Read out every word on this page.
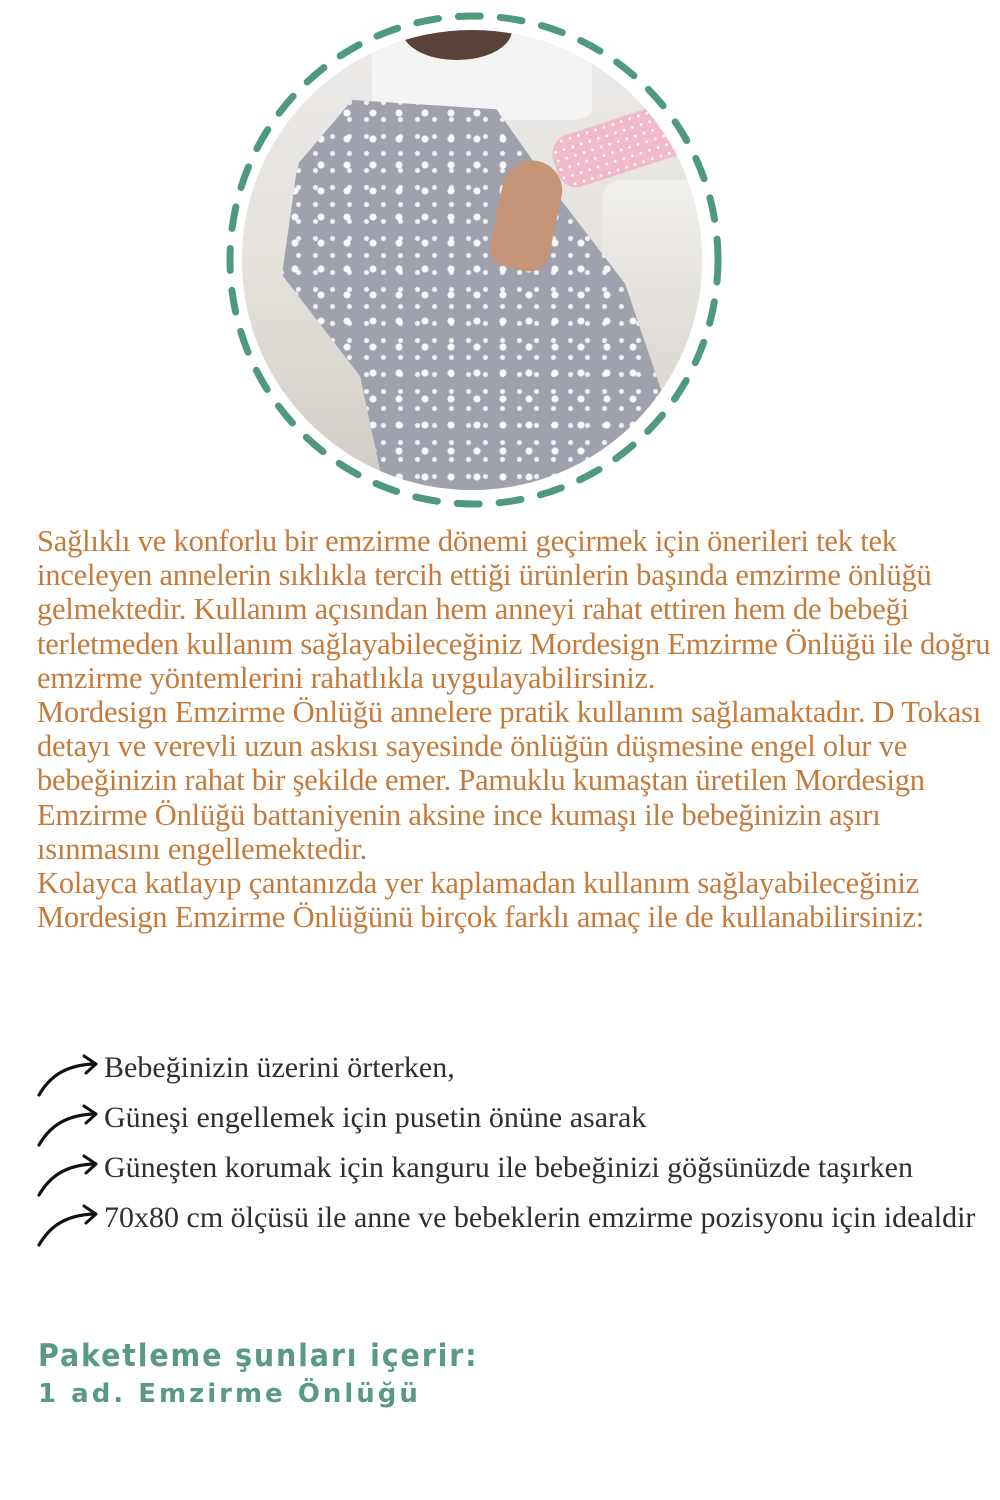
Sağlıklı ve konforlu bir emzirme dönemi geçirmek için önerileri tek tek inceleyen annelerin sıklıkla tercih ettiği ürünlerin başında emzirme önlüğü gelmektedir. Kullanım açısından hem anneyi rahat ettiren hem de bebeği terletmeden kullanım sağlayabileceğiniz Mordesign Emzirme Önlüğü ile doğru emzirme yöntemlerini rahatlıkla uygulayabilirsiniz.

Mordesign Emzirme Önlüğü annelere pratik kullanım sağlamaktadır. D Tokası detayı ve verevli uzun askısı sayesinde önlüğün düşmesine engel olur ve bebeğinizin rahat bir şekilde emer. Pamuklu kumaştan üretilen Mordesign Emzirme Önlüğü battaniyenin aksine ince kumaşı ile bebeğinizin aşırı ısınmasını engellemektedir.

Kolayca katlayıp çantanızda yer kaplamadan kullanım sağlayabileceğiniz Mordesign Emzirme Önlüğünü birçok farklı amaç ile de kullanabilirsiniz:

Bebeğinizin üzerini örterken,
Güneşi engellemek için pusetin önüne asarak
Güneşten korumak için kanguru ile bebeğinizi göğsünüzde taşırken
70x80 cm ölçüsü ile anne ve bebeklerin emzirme pozisyonu için idealdir
Paketleme şunları içerir:
1 ad. Emzirme Önlüğü
